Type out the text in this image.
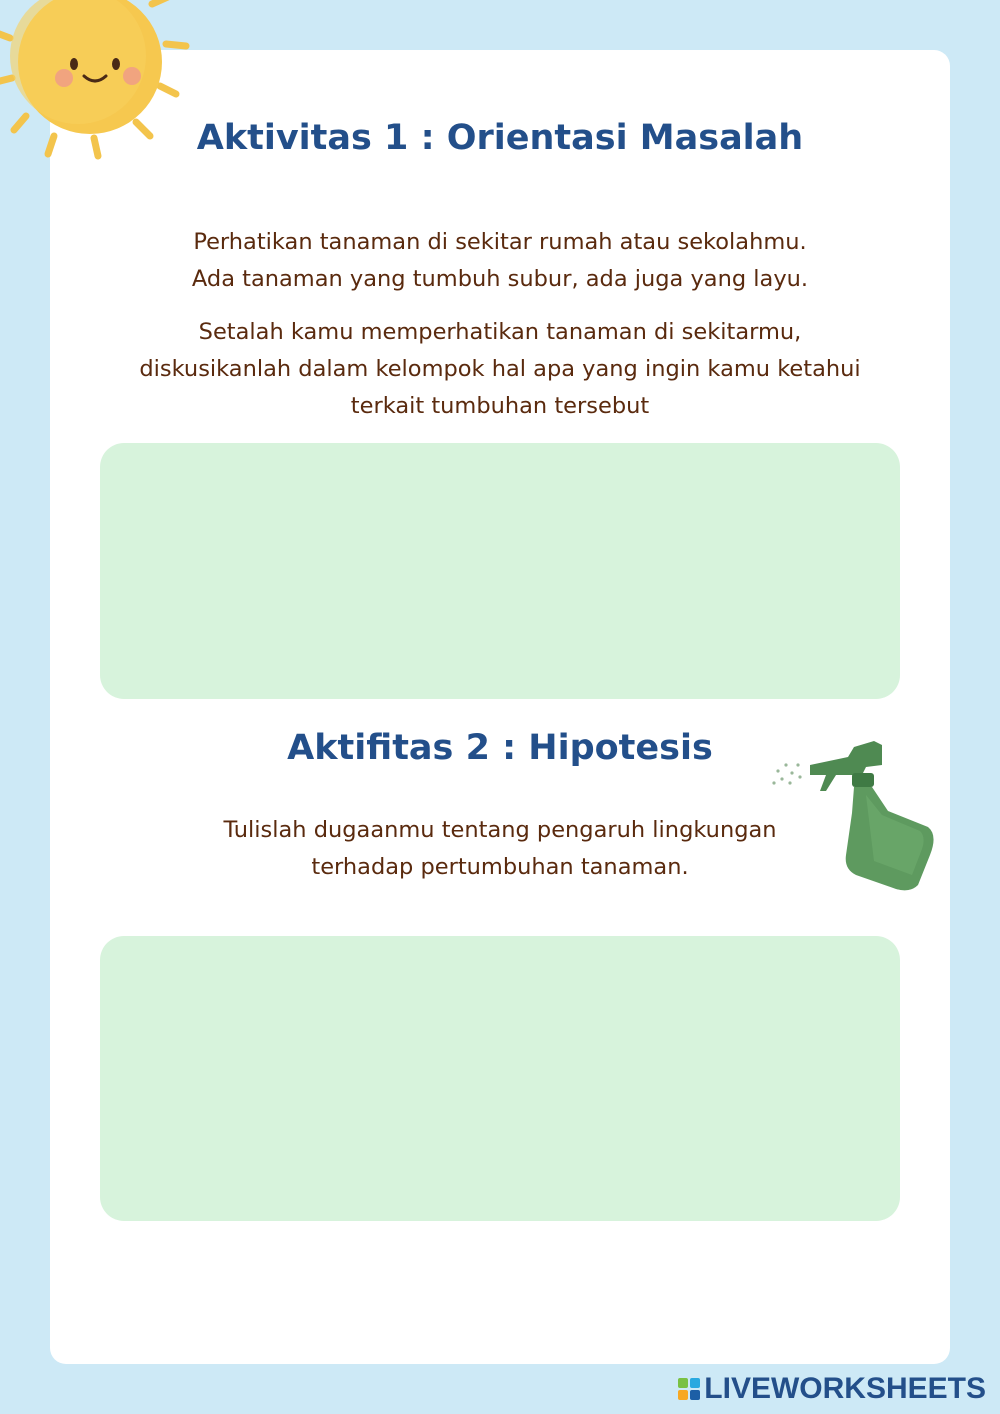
Aktivitas 1 : Orientasi Masalah
Perhatikan tanaman di sekitar rumah atau sekolahmu.
Ada tanaman yang tumbuh subur, ada juga yang layu.
Setalah kamu memperhatikan tanaman di sekitarmu,
diskusikanlah dalam kelompok hal apa yang ingin kamu ketahui
terkait tumbuhan tersebut
Aktifitas 2 : Hipotesis
Tulislah dugaanmu tentang pengaruh lingkungan
terhadap pertumbuhan tanaman.
LIVEWORKSHEETS
